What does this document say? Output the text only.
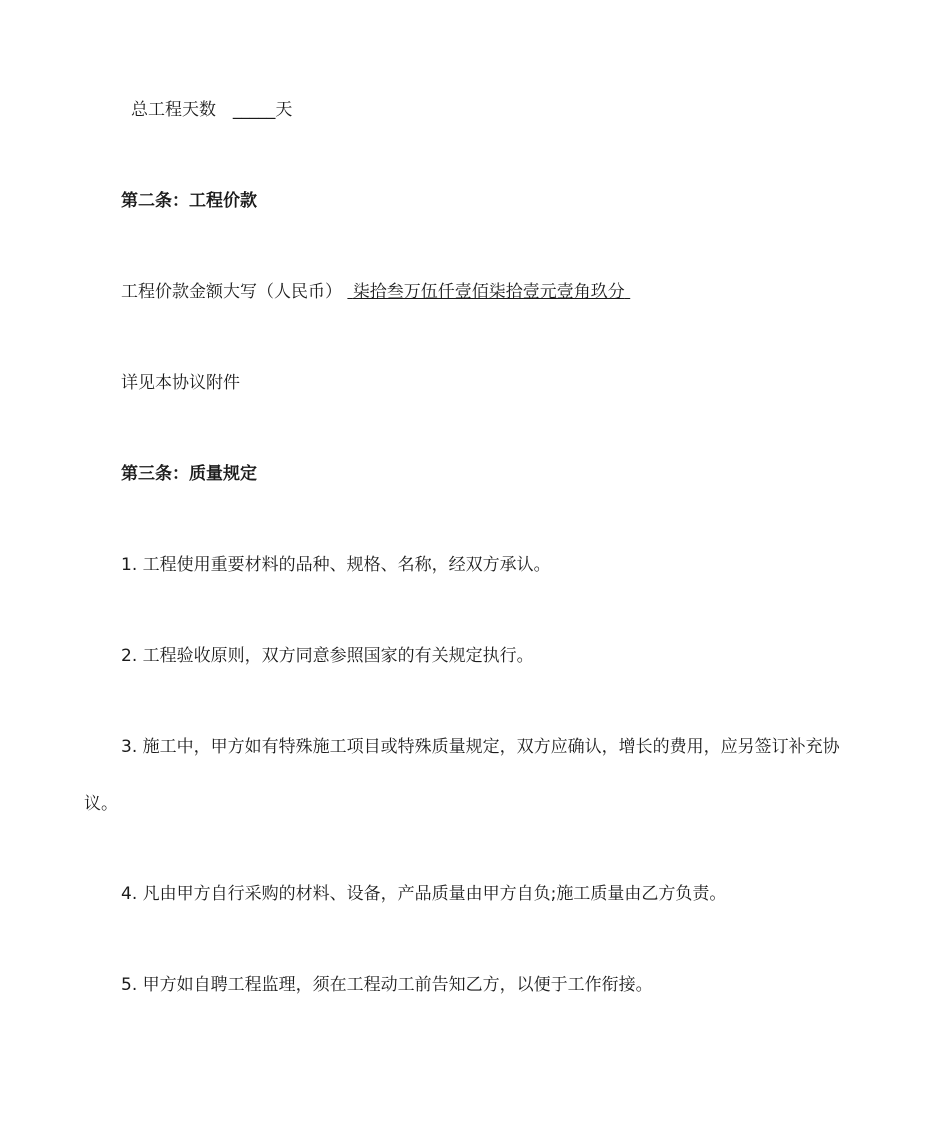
总工程天数 _____天
第二条：工程价款
工程价款金额大写（人民币） 柒拾叁万伍仟壹佰柒拾壹元壹角玖分
详见本协议附件
第三条：质量规定
1. 工程使用重要材料的品种、规格、名称，经双方承认。
2. 工程验收原则，双方同意参照国家的有关规定执行。
3. 施工中，甲方如有特殊施工项目或特殊质量规定，双方应确认，增长的费用，应另签订补充协
议。
4. 凡由甲方自行采购的材料、设备，产品质量由甲方自负;施工质量由乙方负责。
5. 甲方如自聘工程监理，须在工程动工前告知乙方，以便于工作衔接。
